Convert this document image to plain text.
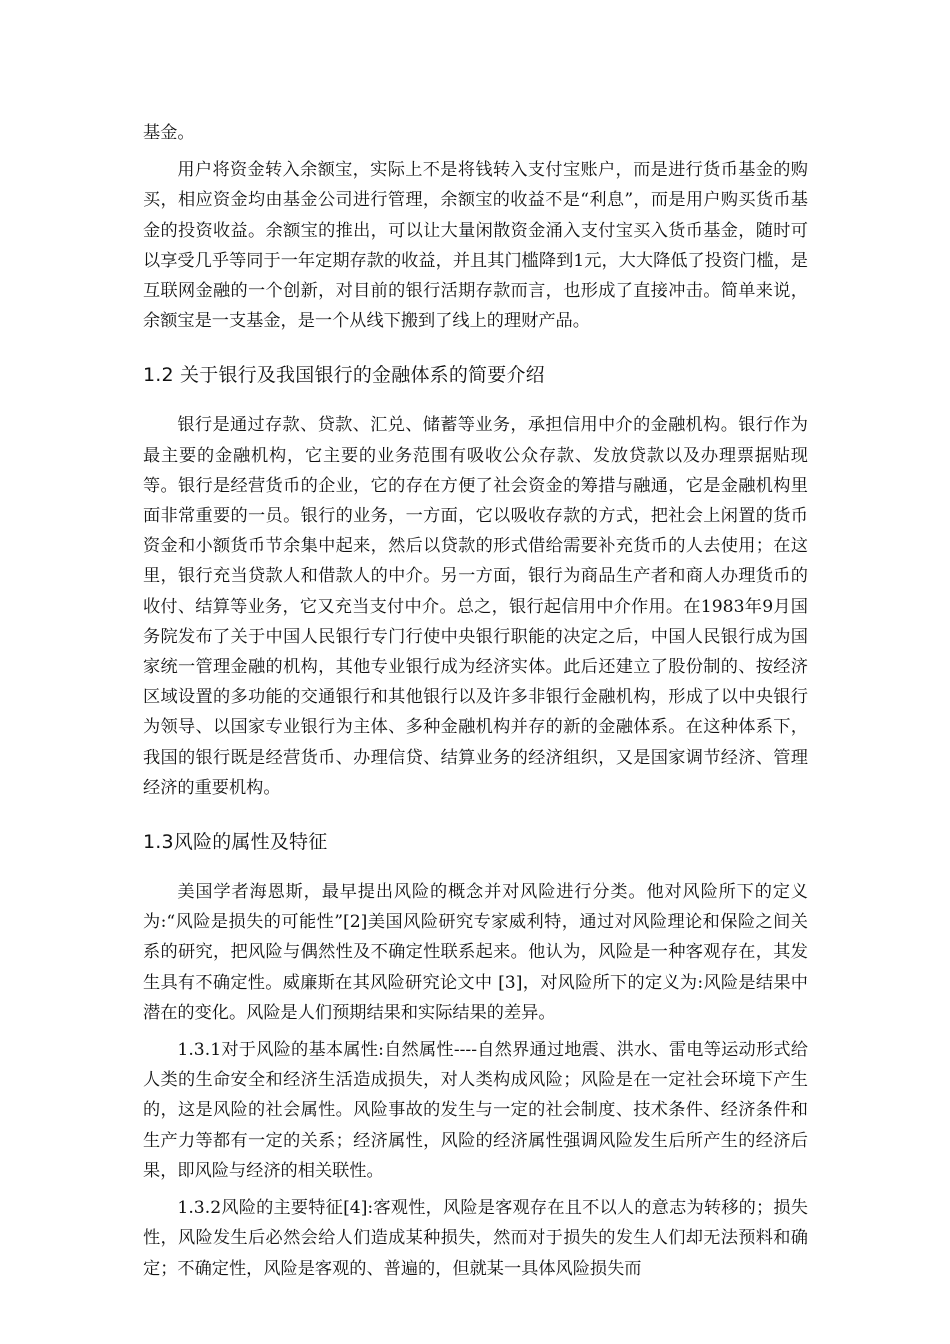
基金。

用户将资金转入余额宝，实际上不是将钱转入支付宝账户，而是进行货币基金的购买，相应资金均由基金公司进行管理，余额宝的收益不是“利息”，而是用户购买货币基金的投资收益。余额宝的推出，可以让大量闲散资金涌入支付宝买入货币基金，随时可以享受几乎等同于一年定期存款的收益，并且其门槛降到1元，大大降低了投资门槛，是互联网金融的一个创新，对目前的银行活期存款而言，也形成了直接冲击。简单来说，余额宝是一支基金，是一个从线下搬到了线上的理财产品。

1.2 关于银行及我国银行的金融体系的简要介绍

银行是通过存款、贷款、汇兑、储蓄等业务，承担信用中介的金融机构。银行作为最主要的金融机构，它主要的业务范围有吸收公众存款、发放贷款以及办理票据贴现等。银行是经营货币的企业，它的存在方便了社会资金的筹措与融通，它是金融机构里面非常重要的一员。银行的业务，一方面，它以吸收存款的方式，把社会上闲置的货币资金和小额货币节余集中起来，然后以贷款的形式借给需要补充货币的人去使用；在这里，银行充当贷款人和借款人的中介。另一方面，银行为商品生产者和商人办理货币的收付、结算等业务，它又充当支付中介。总之，银行起信用中介作用。在1983年9月国务院发布了关于中国人民银行专门行使中央银行职能的决定之后，中国人民银行成为国家统一管理金融的机构，其他专业银行成为经济实体。此后还建立了股份制的、按经济区域设置的多功能的交通银行和其他银行以及许多非银行金融机构，形成了以中央银行为领导、以国家专业银行为主体、多种金融机构并存的新的金融体系。在这种体系下，我国的银行既是经营货币、办理信贷、结算业务的经济组织，又是国家调节经济、管理经济的重要机构。

1.3风险的属性及特征

美国学者海恩斯，最早提出风险的概念并对风险进行分类。他对风险所下的定义为:“风险是损失的可能性”[2]美国风险研究专家威利特，通过对风险理论和保险之间关系的研究，把风险与偶然性及不确定性联系起来。他认为，风险是一种客观存在，其发生具有不确定性。威廉斯在其风险研究论文中 [3]，对风险所下的定义为:风险是结果中潜在的变化。风险是人们预期结果和实际结果的差异。

1.3.1对于风险的基本属性:自然属性----自然界通过地震、洪水、雷电等运动形式给人类的生命安全和经济生活造成损失，对人类构成风险；风险是在一定社会环境下产生的，这是风险的社会属性。风险事故的发生与一定的社会制度、技术条件、经济条件和生产力等都有一定的关系；经济属性，风险的经济属性强调风险发生后所产生的经济后果，即风险与经济的相关联性。

1.3.2风险的主要特征[4]:客观性，风险是客观存在且不以人的意志为转移的；损失性，风险发生后必然会给人们造成某种损失，然而对于损失的发生人们却无法预料和确定；不确定性，风险是客观的、普遍的，但就某一具体风险损失而
